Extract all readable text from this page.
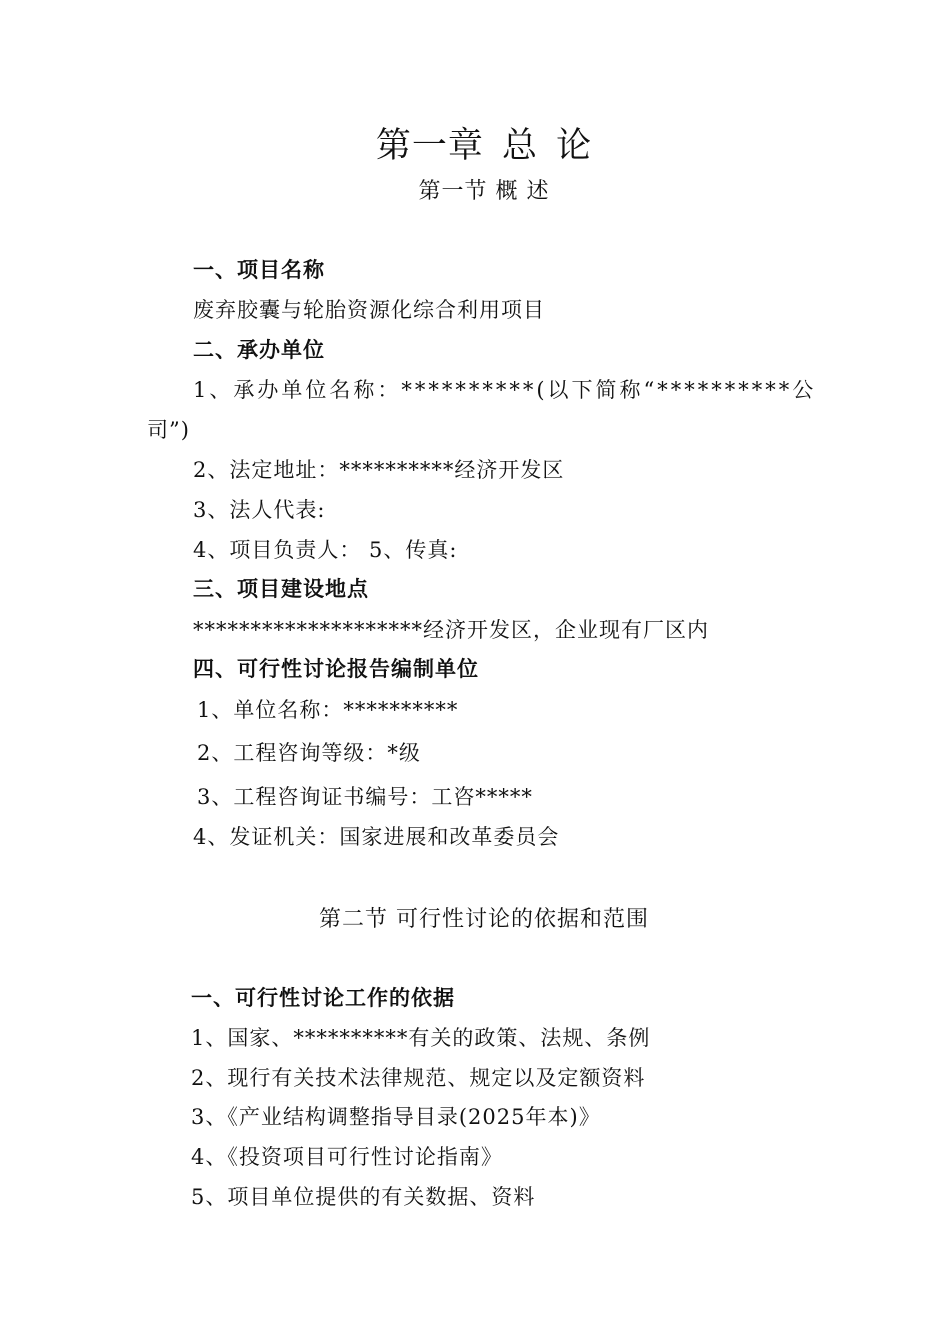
第一章 总 论
第一节 概 述
一、项目名称
废弃胶囊与轮胎资源化综合利用项目
二、承办单位
1、承办单位名称：**********(以下简称“**********公
司”)
2、法定地址：**********经济开发区
3、法人代表:
4、项目负责人： 5、传真:
三、项目建设地点
********************经济开发区，企业现有厂区内
四、可行性讨论报告编制单位
1、单位名称：**********
2、工程咨询等级：*级
3、工程咨询证书编号：工咨*****
4、发证机关：国家进展和改革委员会
第二节 可行性讨论的依据和范围
一、可行性讨论工作的依据
1、国家、**********有关的政策、法规、条例
2、现行有关技术法律规范、规定以及定额资料
3、《产业结构调整指导目录(2025年本)》
4、《投资项目可行性讨论指南》
5、项目单位提供的有关数据、资料
